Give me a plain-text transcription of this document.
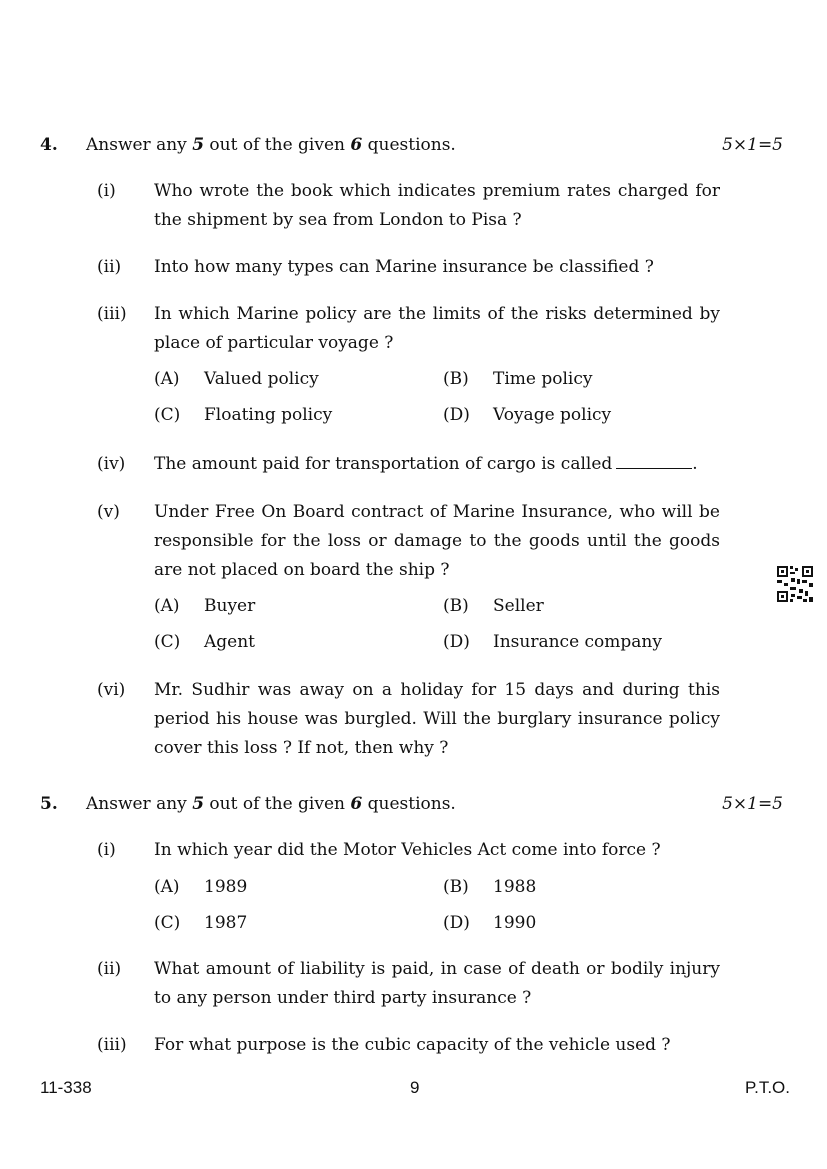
4. Answer any 5 out of the given 6 questions.	5×1=5
(i) Who wrote the book which indicates premium rates charged for the shipment by sea from London to Pisa ?
(ii) Into how many types can Marine insurance be classified ?
(iii) In which Marine policy are the limits of the risks determined by place of particular voyage ?
(A) Valued policy	(B) Time policy
(C) Floating policy	(D) Voyage policy
(iv) The amount paid for transportation of cargo is called	.
(v) Under Free On Board contract of Marine Insurance, who will be responsible for the loss or damage to the goods until the goods are not placed on board the ship ?
(A) Buyer	(B) Seller
(C) Agent	(D) Insurance company
(vi) Mr. Sudhir was away on a holiday for 15 days and during this period his house was burgled. Will the burglary insurance policy cover this loss ? If not, then why ?
5. Answer any 5 out of the given 6 questions.	5×1=5
(i) In which year did the Motor Vehicles Act come into force ?
(A) 1989	(B) 1988
(C) 1987	(D) 1990
(ii) What amount of liability is paid, in case of death or bodily injury to any person under third party insurance ?
(iii) For what purpose is the cubic capacity of the vehicle used ?
11-338	9	P.T.O.
